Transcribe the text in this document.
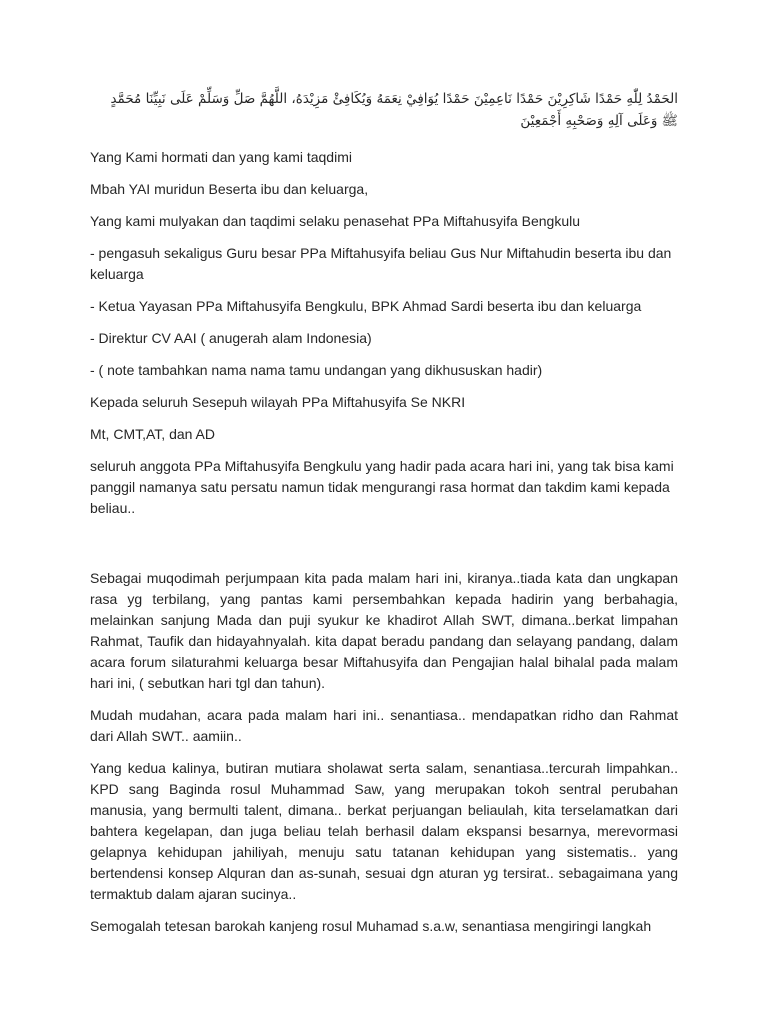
الحَمْدُ لِلّٰهِ حَمْدًا شَاكِرِيْنَ حَمْدًا نَاعِمِيْنَ حَمْدًا يُوَافِيْ نِعَمَهُ وَيُكَافِئْ مَزِيْدَهُ، اللَّهُمَّ صَلِّ وَسَلِّمْ عَلَى نَبِيِّنَا مُحَمَّدٍ ﷺ وَعَلَى آلِهِ وَصَحْبِهِ أَجْمَعِيْنَ
Yang Kami hormati dan yang kami taqdimi
Mbah YAI muridun Beserta ibu dan keluarga,
Yang kami mulyakan dan taqdimi selaku penasehat PPa Miftahusyifa Bengkulu
- pengasuh sekaligus Guru besar PPa Miftahusyifa beliau Gus Nur Miftahudin beserta ibu dan keluarga
- Ketua Yayasan PPa Miftahusyifa Bengkulu, BPK Ahmad Sardi beserta ibu dan keluarga
- Direktur CV AAI ( anugerah alam Indonesia)
- ( note tambahkan nama nama tamu undangan yang dikhususkan hadir)
Kepada seluruh Sesepuh wilayah PPa Miftahusyifa Se NKRI
Mt, CMT,AT, dan AD
seluruh anggota PPa Miftahusyifa Bengkulu yang hadir pada acara hari ini, yang tak bisa kami panggil namanya satu persatu namun tidak mengurangi rasa hormat dan takdim kami kepada beliau..
Sebagai muqodimah perjumpaan kita pada malam hari ini, kiranya..tiada kata dan ungkapan rasa yg terbilang, yang pantas kami persembahkan kepada hadirin yang berbahagia, melainkan sanjung Mada dan puji syukur ke khadirot Allah SWT, dimana..berkat limpahan Rahmat, Taufik dan hidayahnyalah. kita dapat beradu pandang dan selayang pandang, dalam acara forum silaturahmi keluarga besar Miftahusyifa dan Pengajian halal bihalal pada malam hari ini, ( sebutkan hari tgl dan tahun).
Mudah mudahan, acara pada malam hari ini.. senantiasa.. mendapatkan ridho dan Rahmat dari Allah SWT.. aamiin..
Yang kedua kalinya, butiran mutiara sholawat serta salam, senantiasa..tercurah limpahkan.. KPD sang Baginda rosul Muhammad Saw, yang merupakan tokoh sentral perubahan manusia, yang bermulti talent, dimana.. berkat perjuangan beliaulah, kita terselamatkan dari bahtera kegelapan, dan juga beliau telah berhasil dalam ekspansi besarnya, merevormasi gelapnya kehidupan jahiliyah, menuju satu tatanan kehidupan yang sistematis.. yang bertendensi konsep Alquran dan as-sunah, sesuai dgn aturan yg tersirat.. sebagaimana yang termaktub dalam ajaran sucinya..
Semogalah tetesan barokah kanjeng rosul Muhamad s.a.w, senantiasa mengiringi langkah
